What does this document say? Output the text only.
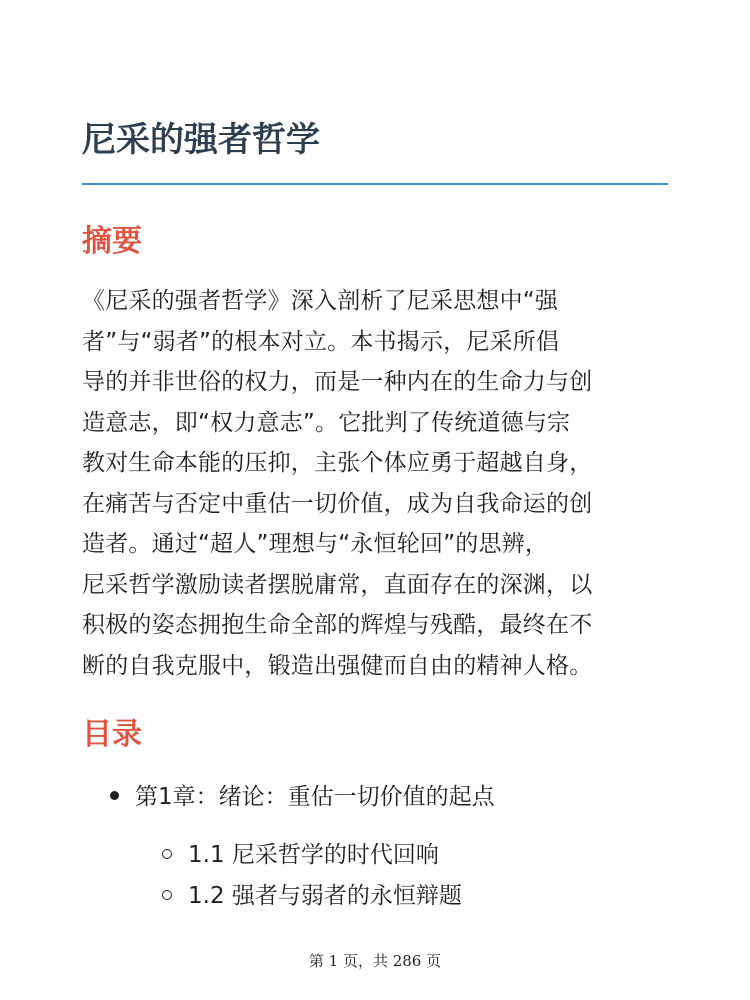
尼采的强者哲学
摘要

《尼采的强者哲学》深入剖析了尼采思想中“强
者”与“弱者”的根本对立。本书揭示，尼采所倡
导的并非世俗的权力，而是一种内在的生命力与创
造意志，即“权力意志”。它批判了传统道德与宗
教对生命本能的压抑，主张个体应勇于超越自身，
在痛苦与否定中重估一切价值，成为自我命运的创
造者。通过“超人”理想与“永恒轮回”的思辨，
尼采哲学激励读者摆脱庸常，直面存在的深渊，以
积极的姿态拥抱生命全部的辉煌与残酷，最终在不
断的自我克服中，锻造出强健而自由的精神人格。

目录
第1章：绪论：重估一切价值的起点
1.1 尼采哲学的时代回响
1.2 强者与弱者的永恒辩题
第 1 页，共 286 页
